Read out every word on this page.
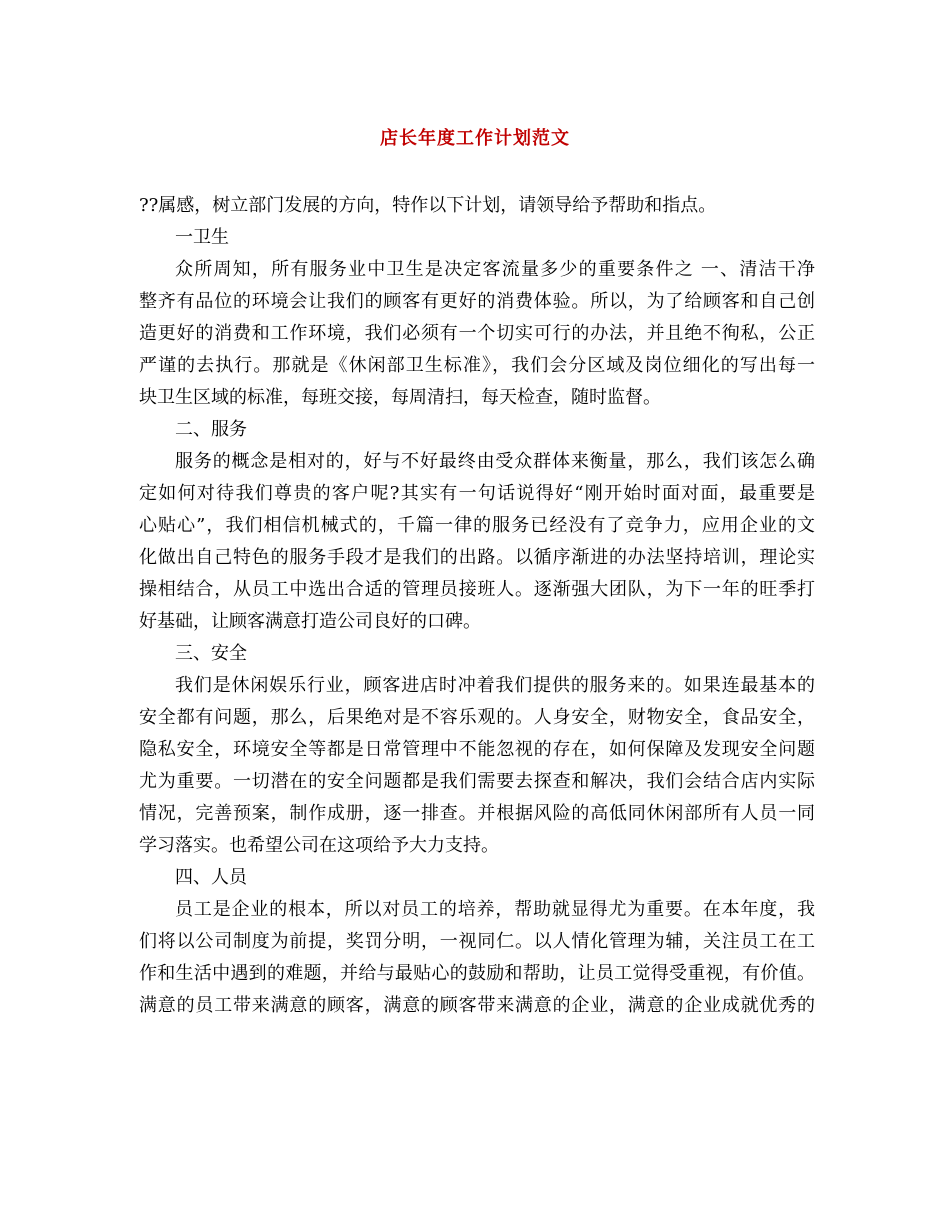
店长年度工作计划范文
??属感，树立部门发展的方向，特作以下计划，请领导给予帮助和指点。
一卫生
众所周知，所有服务业中卫生是决定客流量多少的重要条件之 一、清洁干净
整齐有品位的环境会让我们的顾客有更好的消费体验。所以，为了给顾客和自己创
造更好的消费和工作环境，我们必须有一个切实可行的办法，并且绝不徇私，公正
严谨的去执行。那就是《休闲部卫生标准》，我们会分区域及岗位细化的写出每一
块卫生区域的标准，每班交接，每周清扫，每天检查，随时监督。
二、服务
服务的概念是相对的，好与不好最终由受众群体来衡量，那么，我们该怎么确
定如何对待我们尊贵的客户呢?其实有一句话说得好“刚开始时面对面，最重要是
心贴心”，我们相信机械式的，千篇一律的服务已经没有了竞争力，应用企业的文
化做出自己特色的服务手段才是我们的出路。以循序渐进的办法坚持培训，理论实
操相结合，从员工中选出合适的管理员接班人。逐渐强大团队，为下一年的旺季打
好基础，让顾客满意打造公司良好的口碑。
三、安全
我们是休闲娱乐行业，顾客进店时冲着我们提供的服务来的。如果连最基本的
安全都有问题，那么，后果绝对是不容乐观的。人身安全，财物安全，食品安全，
隐私安全，环境安全等都是日常管理中不能忽视的存在，如何保障及发现安全问题
尤为重要。一切潜在的安全问题都是我们需要去探查和解决，我们会结合店内实际
情况，完善预案，制作成册，逐一排查。并根据风险的高低同休闲部所有人员一同
学习落实。也希望公司在这项给予大力支持。
四、人员
员工是企业的根本，所以对员工的培养，帮助就显得尤为重要。在本年度，我
们将以公司制度为前提，奖罚分明，一视同仁。以人情化管理为辅，关注员工在工
作和生活中遇到的难题，并给与最贴心的鼓励和帮助，让员工觉得受重视，有价值。
满意的员工带来满意的顾客，满意的顾客带来满意的企业，满意的企业成就优秀的
